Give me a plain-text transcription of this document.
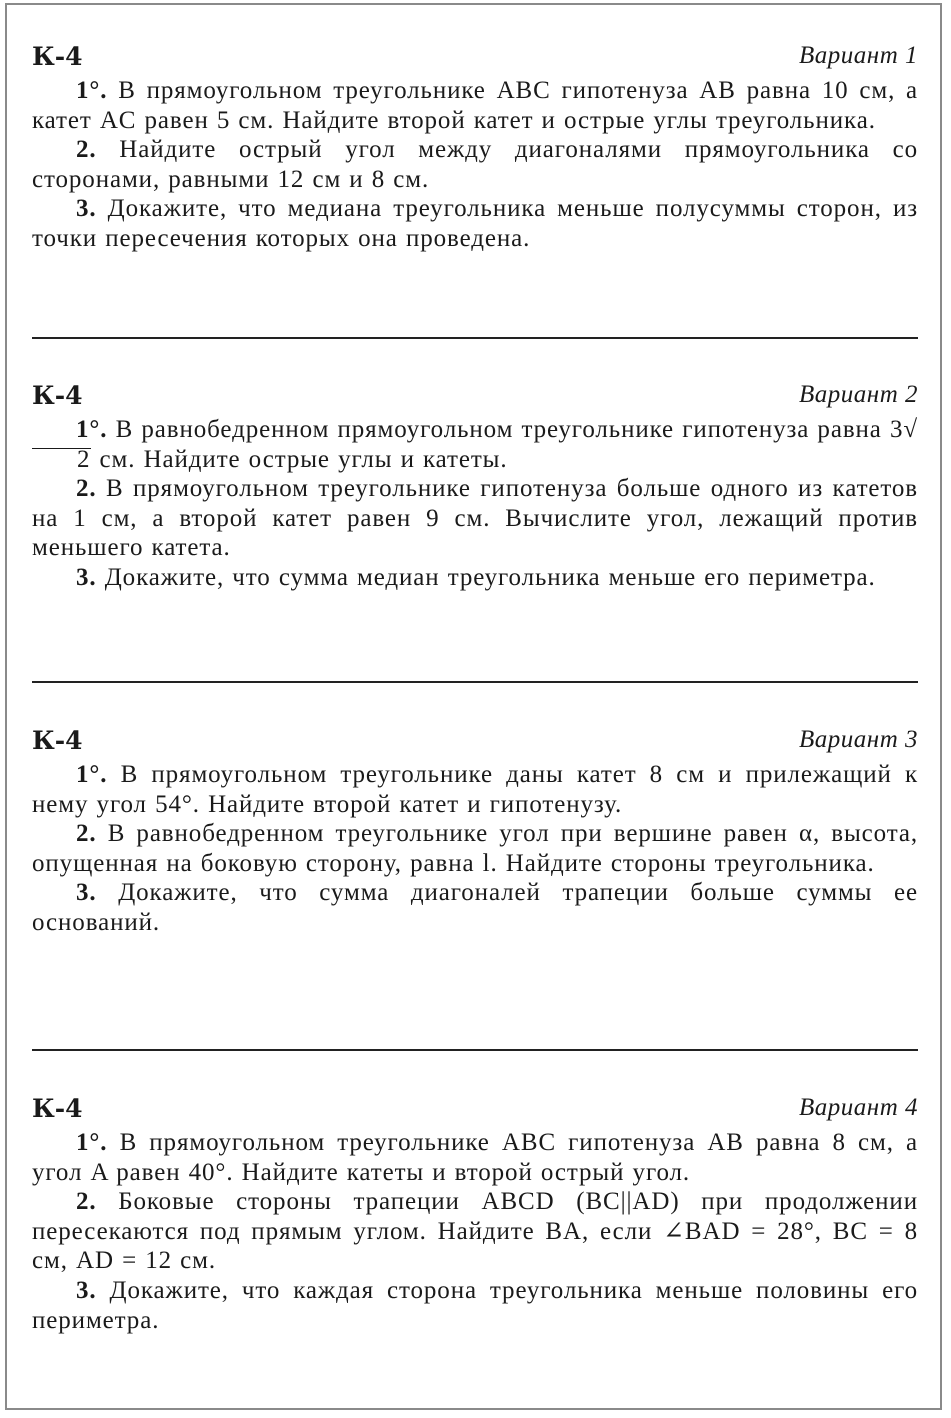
К-4	Вариант 1

1°. В прямоугольном треугольнике ABC гипотенуза AB равна 10 см, а катет AC равен 5 см. Найдите второй катет и острые углы треугольника.

2. Найдите острый угол между диагоналями прямоугольника со сторонами, равными 12 см и 8 см.

3. Докажите, что медиана треугольника меньше полусуммы сторон, из точки пересечения которых она проведена.

К-4	Вариант 2

1°. В равнобедренном прямоугольном треугольнике гипотенуза равна 3√2 см. Найдите острые углы и катеты.

2. В прямоугольном треугольнике гипотенуза больше одного из катетов на 1 см, а второй катет равен 9 см. Вычислите угол, лежащий против меньшего катета.

3. Докажите, что сумма медиан треугольника меньше его периметра.

К-4	Вариант 3

1°. В прямоугольном треугольнике даны катет 8 см и прилежащий к нему угол 54°. Найдите второй катет и гипотенузу.

2. В равнобедренном треугольнике угол при вершине равен α, высота, опущенная на боковую сторону, равна l. Найдите стороны треугольника.

3. Докажите, что сумма диагоналей трапеции больше суммы ее оснований.

К-4	Вариант 4

1°. В прямоугольном треугольнике ABC гипотенуза AB равна 8 см, а угол A равен 40°. Найдите катеты и второй острый угол.

2. Боковые стороны трапеции ABCD (BC||AD) при продолжении пересекаются под прямым углом. Найдите BA, если ∠BAD = 28°, BC = 8 см, AD = 12 см.

3. Докажите, что каждая сторона треугольника меньше половины его периметра.
